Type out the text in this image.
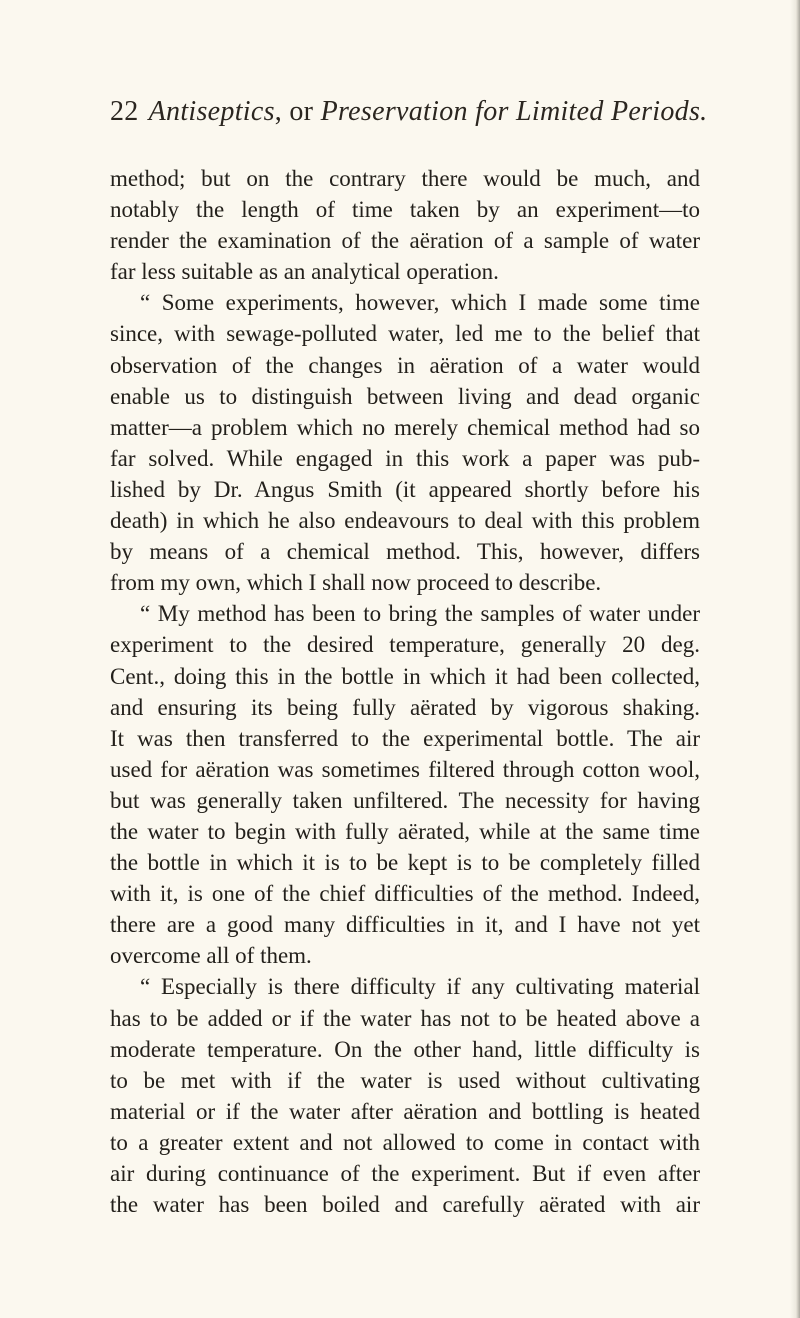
22 Antiseptics, or Preservation for Limited Periods.
method; but on the contrary there would be much, and
notably the length of time taken by an experiment—to
render the examination of the aëration of a sample of water
far less suitable as an analytical operation.
“ Some experiments, however, which I made some time
since, with sewage-polluted water, led me to the belief that
observation of the changes in aëration of a water would
enable us to distinguish between living and dead organic
matter—a problem which no merely chemical method had so
far solved. While engaged in this work a paper was pub-
lished by Dr. Angus Smith (it appeared shortly before his
death) in which he also endeavours to deal with this problem
by means of a chemical method. This, however, differs
from my own, which I shall now proceed to describe.
“ My method has been to bring the samples of water under
experiment to the desired temperature, generally 20 deg.
Cent., doing this in the bottle in which it had been collected,
and ensuring its being fully aërated by vigorous shaking.
It was then transferred to the experimental bottle. The air
used for aëration was sometimes filtered through cotton wool,
but was generally taken unfiltered. The necessity for having
the water to begin with fully aërated, while at the same time
the bottle in which it is to be kept is to be completely filled
with it, is one of the chief difficulties of the method. Indeed,
there are a good many difficulties in it, and I have not yet
overcome all of them.
“ Especially is there difficulty if any cultivating material
has to be added or if the water has not to be heated above a
moderate temperature. On the other hand, little difficulty is
to be met with if the water is used without cultivating
material or if the water after aëration and bottling is heated
to a greater extent and not allowed to come in contact with
air during continuance of the experiment. But if even after
the water has been boiled and carefully aërated with air
